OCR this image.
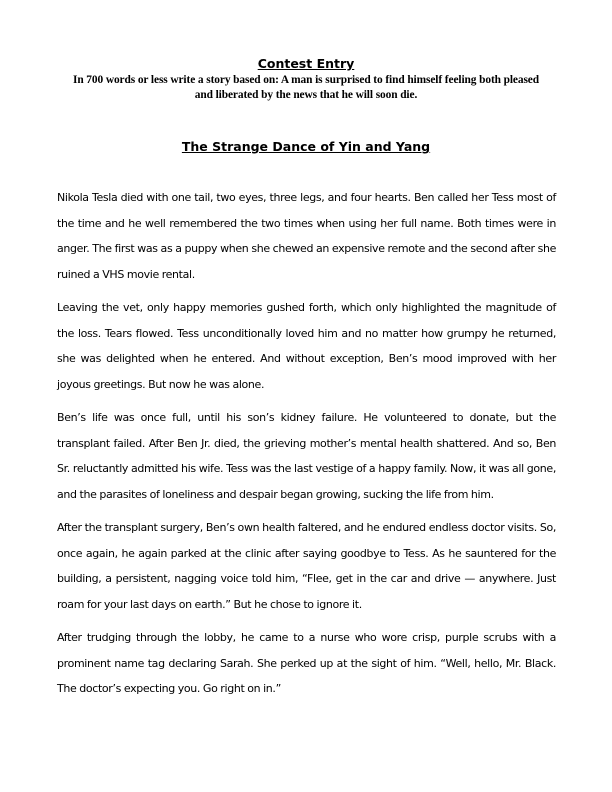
Contest Entry

In 700 words or less write a story based on: A man is surprised to find himself feeling both pleased and liberated by the news that he will soon die.

The Strange Dance of Yin and Yang

Nikola Tesla died with one tail, two eyes, three legs, and four hearts. Ben called her Tess most of the time and he well remembered the two times when using her full name. Both times were in anger. The first was as a puppy when she chewed an expensive remote and the second after she ruined a VHS movie rental.

Leaving the vet, only happy memories gushed forth, which only highlighted the magnitude of the loss. Tears flowed. Tess unconditionally loved him and no matter how grumpy he returned, she was delighted when he entered. And without exception, Ben’s mood improved with her joyous greetings. But now he was alone.

Ben’s life was once full, until his son’s kidney failure. He volunteered to donate, but the transplant failed. After Ben Jr. died, the grieving mother’s mental health shattered. And so, Ben Sr. reluctantly admitted his wife. Tess was the last vestige of a happy family. Now, it was all gone, and the parasites of loneliness and despair began growing, sucking the life from him.

After the transplant surgery, Ben’s own health faltered, and he endured endless doctor visits. So, once again, he again parked at the clinic after saying goodbye to Tess. As he sauntered for the building, a persistent, nagging voice told him, “Flee, get in the car and drive — anywhere. Just roam for your last days on earth.” But he chose to ignore it.

After trudging through the lobby, he came to a nurse who wore crisp, purple scrubs with a prominent name tag declaring Sarah. She perked up at the sight of him. “Well, hello, Mr. Black. The doctor’s expecting you. Go right on in.”
